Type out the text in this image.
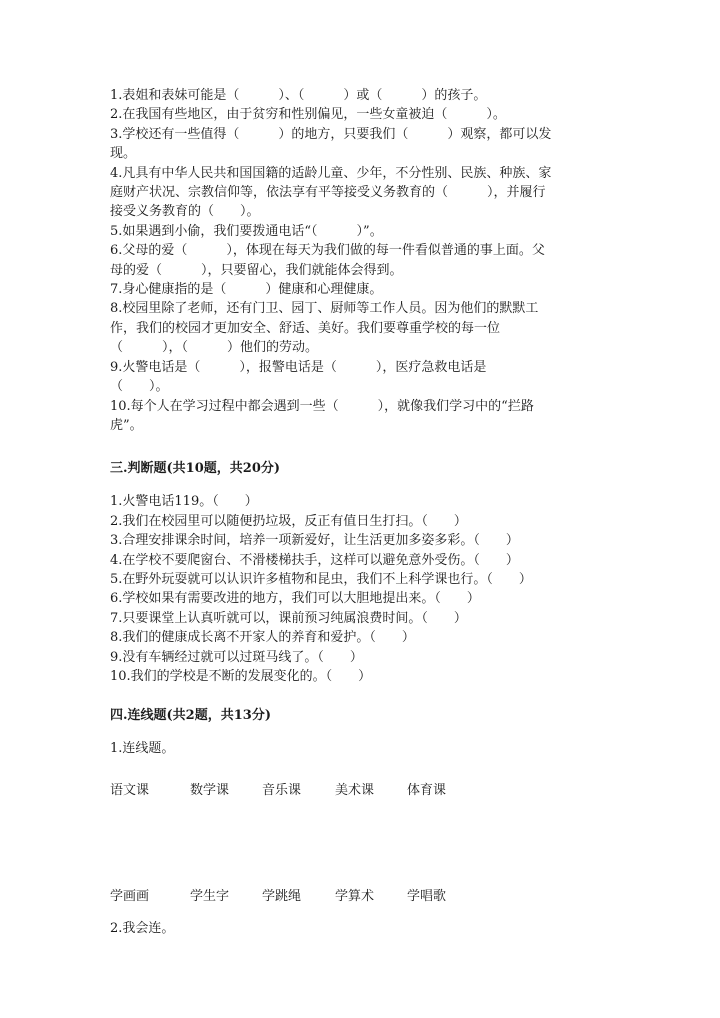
1.表姐和表妹可能是（　　　）、（　　　）或（　　　）的孩子。

2.在我国有些地区，由于贫穷和性别偏见，一些女童被迫（　　　）。

3.学校还有一些值得（　　　）的地方，只要我们（　　　）观察，都可以发

现。

4.凡具有中华人民共和国国籍的适龄儿童、少年，不分性别、民族、种族、家

庭财产状况、宗教信仰等，依法享有平等接受义务教育的（　　　），并履行

接受义务教育的（　　）。

5.如果遇到小偷，我们要拨通电话“（　　　）”。

6.父母的爱（　　　），体现在每天为我们做的每一件看似普通的事上面。父

母的爱（　　　），只要留心，我们就能体会得到。

7.身心健康指的是（　　　）健康和心理健康。

8.校园里除了老师，还有门卫、园丁、厨师等工作人员。因为他们的默默工

作，我们的校园才更加安全、舒适、美好。我们要尊重学校的每一位

（　　　），（　　　）他们的劳动。

9.火警电话是（　　　），报警电话是（　　　），医疗急救电话是

（　　）。

10.每个人在学习过程中都会遇到一些（　　　），就像我们学习中的“拦路

虎”。

三.判断题(共10题，共20分)

1.火警电话119。（　　）

2.我们在校园里可以随便扔垃圾，反正有值日生打扫。（　　）

3.合理安排课余时间，培养一项新爱好，让生活更加多姿多彩。（　　）

4.在学校不要爬窗台、不滑楼梯扶手，这样可以避免意外受伤。（　　）

5.在野外玩耍就可以认识许多植物和昆虫，我们不上科学课也行。（　　）

6.学校如果有需要改进的地方，我们可以大胆地提出来。（　　）

7.只要课堂上认真听就可以，课前预习纯属浪费时间。（　　）

8.我们的健康成长离不开家人的养育和爱护。（　　）

9.没有车辆经过就可以过斑马线了。（　　）

10.我们的学校是不断的发展变化的。（　　）

四.连线题(共2题，共13分)
1.连线题。
语文课	数学课	音乐课	美术课	体育课
学画画	学生字	学跳绳	学算术	学唱歌
2.我会连。
